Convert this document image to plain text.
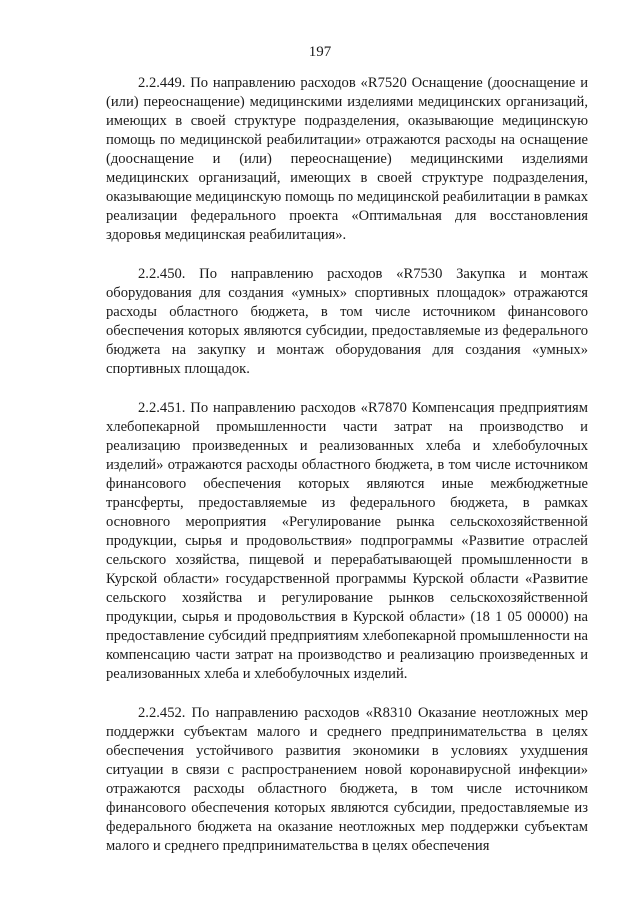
197

2.2.449. По направлению расходов «R7520 Оснащение (дооснащение и (или) переоснащение) медицинскими изделиями медицинских организаций, имеющих в своей структуре подразделения, оказывающие медицинскую помощь по медицинской реабилитации» отражаются расходы на оснащение (дооснащение и (или) переоснащение) медицинскими изделиями медицинских организаций, имеющих в своей структуре подразделения, оказывающие медицинскую помощь по медицинской реабилитации в рамках реализации федерального проекта «Оптимальная для восстановления здоровья медицинская реабилитация».

2.2.450. По направлению расходов «R7530 Закупка и монтаж оборудования для создания «умных» спортивных площадок» отражаются расходы областного бюджета, в том числе источником финансового обеспечения которых являются субсидии, предоставляемые из федерального бюджета на закупку и монтаж оборудования для создания «умных» спортивных площадок.

2.2.451. По направлению расходов «R7870 Компенсация предприятиям хлебопекарной промышленности части затрат на производство и реализацию произведенных и реализованных хлеба и хлебобулочных изделий» отражаются расходы областного бюджета, в том числе источником финансового обеспечения которых являются иные межбюджетные трансферты, предоставляемые из федерального бюджета, в рамках основного мероприятия «Регулирование рынка сельскохозяйственной продукции, сырья и продовольствия» подпрограммы «Развитие отраслей сельского хозяйства, пищевой и перерабатывающей промышленности в Курской области» государственной программы Курской области «Развитие сельского хозяйства и регулирование рынков сельскохозяйственной продукции, сырья и продовольствия в Курской области» (18 1 05 00000) на предоставление субсидий предприятиям хлебопекарной промышленности на компенсацию части затрат на производство и реализацию произведенных и реализованных хлеба и хлебобулочных изделий.

2.2.452. По направлению расходов «R8310 Оказание неотложных мер поддержки субъектам малого и среднего предпринимательства в целях обеспечения устойчивого развития экономики в условиях ухудшения ситуации в связи с распространением новой коронавирусной инфекции» отражаются расходы областного бюджета, в том числе источником финансового обеспечения которых являются субсидии, предоставляемые из федерального бюджета на оказание неотложных мер поддержки субъектам малого и среднего предпринимательства в целях обеспечения
